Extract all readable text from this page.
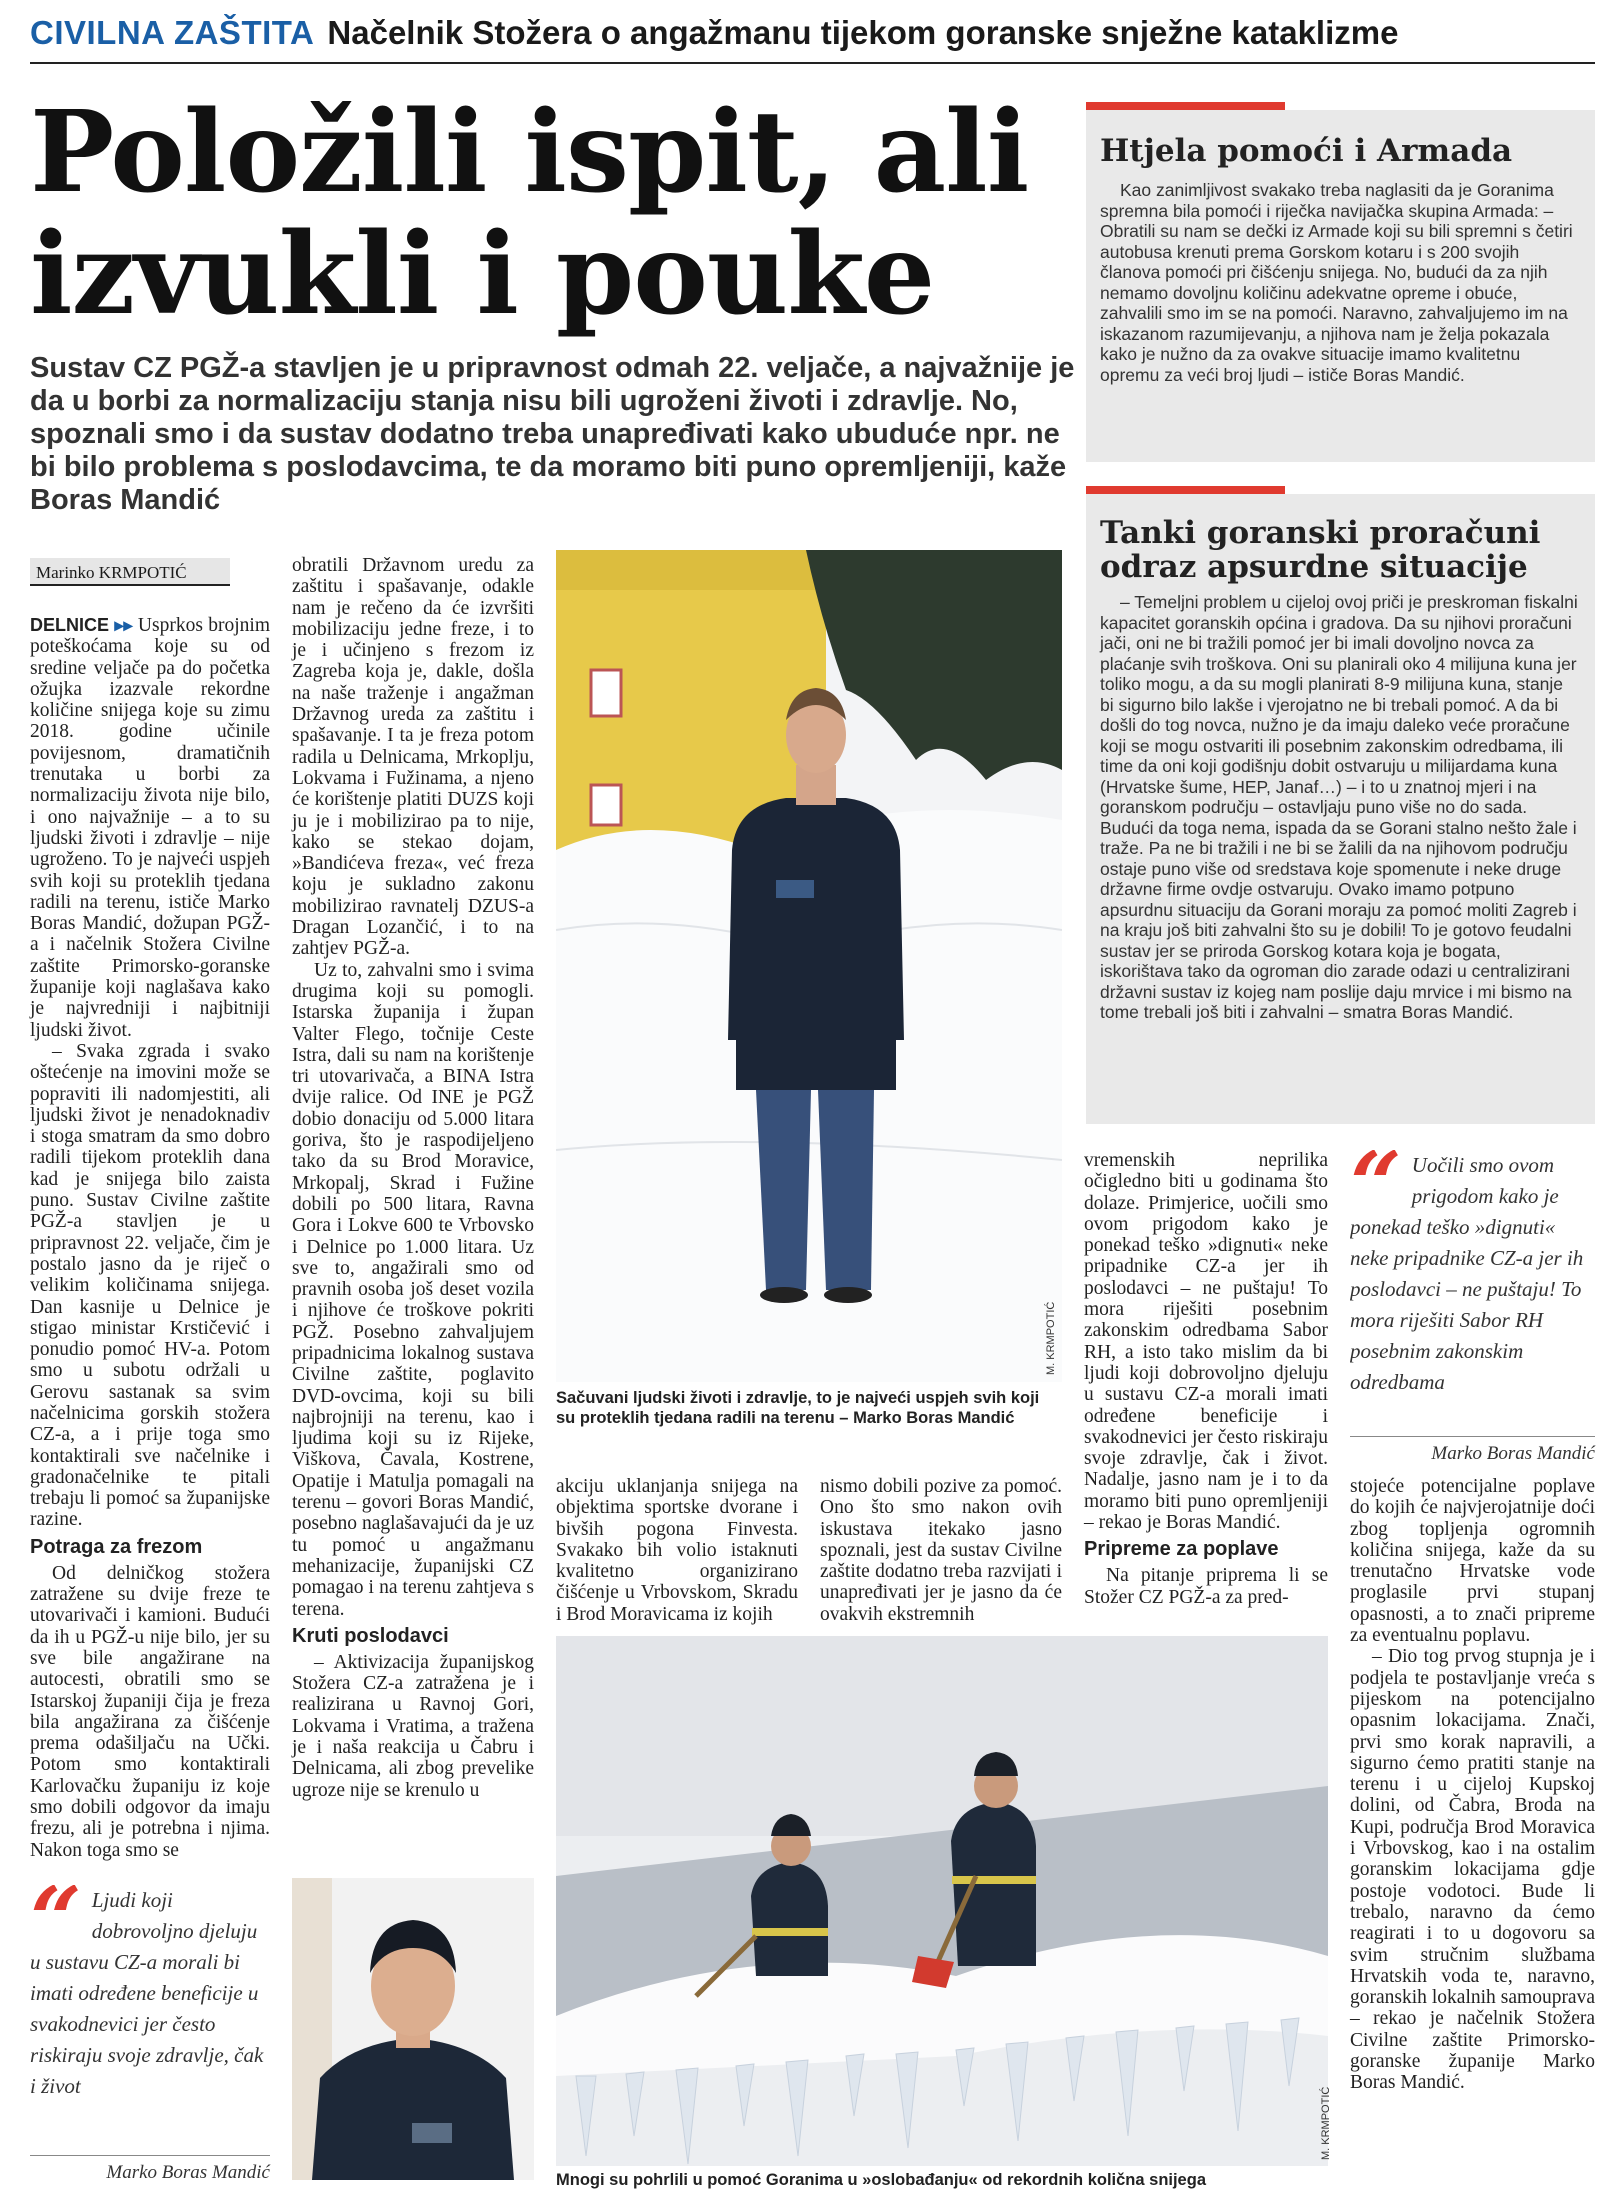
CIVILNA ZAŠTITA Načelnik Stožera o angažmanu tijekom goranske snježne kataklizme
Položili ispit, ali
izvukli i pouke
Sustav CZ PGŽ-a stavljen je u pripravnost odmah 22. veljače, a najvažnije je da u borbi za normalizaciju stanja nisu bili ugroženi životi i zdravlje. No, spoznali smo i da sustav dodatno treba unapređivati kako ubuduće npr. ne bi bilo problema s poslodavcima, te da moramo biti puno opremljeniji, kaže Boras Mandić
Marinko KRMPOTIĆ

DELNICE ▸▸ Usprkos brojnim poteškoćama koje su od sredine veljače pa do početka ožujka izazvale rekordne količine snijega koje su zimu 2018. godine učinile povijesnom, dramatičnih trenutaka u borbi za normalizaciju života nije bilo, i ono najvažnije – a to su ljudski životi i zdravlje – nije ugroženo. To je najveći uspjeh svih koji su proteklih tjedana radili na terenu, ističe Marko Boras Mandić, dožupan PGŽ-a i načelnik Stožera Civilne zaštite Primorsko-goranske županije koji naglašava kako je najvredniji i najbitniji ljudski život.

– Svaka zgrada i svako oštećenje na imovini može se popraviti ili nadomjestiti, ali ljudski život je nenadoknadiv i stoga smatram da smo dobro radili tijekom proteklih dana kad je snijega bilo zaista puno. Sustav Civilne zaštite PGŽ-a stavljen je u pripravnost 22. veljače, čim je postalo jasno da je riječ o velikim količinama snijega. Dan kasnije u Delnice je stigao ministar Krstičević i ponudio pomoć HV-a. Potom smo u subotu održali u Gerovu sastanak sa svim načelnicima gorskih stožera CZ-a, a i prije toga smo kontaktirali sve načelnike i gradonačelnike te pitali trebaju li pomoć sa županijske razine.

Potraga za frezom

Od delničkog stožera zatražene su dvije freze te utovarivači i kamioni. Budući da ih u PGŽ-u nije bilo, jer su sve bile angažirane na autocesti, obratili smo se Istarskoj županiji čija je freza bila angažirana za čišćenje prema odašiljaču na Učki. Potom smo kontaktirali Karlovačku županiju iz koje smo dobili odgovor da imaju frezu, ali je potrebna i njima. Nakon toga smo se

“ Ljudi koji dobrovoljno djeluju u sustavu CZ-a morali bi imati određene beneficije u svakodnevici jer često riskiraju svoje zdravlje, čak i život
Marko Boras Mandić

obratili Državnom uredu za zaštitu i spašavanje, odakle nam je rečeno da će izvršiti mobilizaciju jedne freze, i to je i učinjeno s frezom iz Zagreba koja je, dakle, došla na naše traženje i angažman Državnog ureda za zaštitu i spašavanje. I ta je freza potom radila u Delnicama, Mrkoplju, Lokvama i Fužinama, a njeno će korištenje platiti DUZS koji ju je i mobilizirao pa to nije, kako se stekao dojam, »Bandićeva freza«, već freza koju je sukladno zakonu mobilizirao ravnatelj DZUS-a Dragan Lozančić, i to na zahtjev PGŽ-a.

Uz to, zahvalni smo i svima drugima koji su pomogli. Istarska županija i župan Valter Flego, točnije Ceste Istra, dali su nam na korištenje tri utovarivača, a BINA Istra dvije ralice. Od INE je PGŽ dobio donaciju od 5.000 litara goriva, što je raspodijeljeno tako da su Brod Moravice, Mrkopalj, Skrad i Fužine dobili po 500 litara, Ravna Gora i Lokve 600 te Vrbovsko i Delnice po 1.000 litara. Uz sve to, angažirali smo od pravnih osoba još deset vozila i njihove će troškove pokriti PGŽ. Posebno zahvaljujem pripadnicima lokalnog sustava Civilne zaštite, poglavito DVD-ovcima, koji su bili najbrojniji na terenu, kao i ljudima koji su iz Rijeke, Viškova, Čavala, Kostrene, Opatije i Matulja pomagali na terenu – govori Boras Mandić, posebno naglašavajući da je uz tu pomoć u angažmanu mehanizacije, županijski CZ pomagao i na terenu zahtjeva s terena.

Kruti poslodavci

– Aktivizacija županijskog Stožera CZ-a zatražena je i realizirana u Ravnoj Gori, Lokvama i Vratima, a tražena je i naša reakcija u Čabru i Delnicama, ali zbog prevelike ugroze nije se krenulo u

M. KRMPOTIĆ
Sačuvani ljudski životi i zdravlje, to je najveći uspjeh svih koji su proteklih tjedana radili na terenu – Marko Boras Mandić

akciju uklanjanja snijega na objektima sportske dvorane i bivših pogona Finvesta. Svakako bih volio istaknuti kvalitetno organizirano čišćenje u Vrbovskom, Skradu i Brod Moravicama iz kojih

nismo dobili pozive za pomoć. Ono što smo nakon ovih iskustava itekako jasno spoznali, jest da sustav Civilne zaštite dodatno treba razvijati i unapređivati jer je jasno da će ovakvih ekstremnih

M. KRMPOTIĆ
Mnogi su pohrlili u pomoć Goranima u »oslobađanju« od rekordnih količna snijega

vremenskih neprilika očigledno biti u godinama što dolaze. Primjerice, uočili smo ovom prigodom kako je ponekad teško »dignuti« neke pripadnike CZ-a jer ih poslodavci – ne puštaju! To mora riješiti posebnim zakonskim odredbama Sabor RH, a isto tako mislim da bi ljudi koji dobrovoljno djeluju u sustavu CZ-a morali imati određene beneficije i svakodnevici jer često riskiraju svoje zdravlje, čak i život. Nadalje, jasno nam je i to da moramo biti puno opremljeniji – rekao je Boras Mandić.

Pripreme za poplave

Na pitanje priprema li se Stožer CZ PGŽ-a za pred-

stojeće potencijalne poplave do kojih će najvjerojatnije doći zbog topljenja ogromnih količina snijega, kaže da su trenutačno Hrvatske vode proglasile prvi stupanj opasnosti, a to znači pripreme za eventualnu poplavu.

– Dio tog prvog stupnja je i podjela te postavljanje vreća s pijeskom na potencijalno opasnim lokacijama. Znači, prvi smo korak napravili, a sigurno ćemo pratiti stanje na terenu i u cijeloj Kupskoj dolini, od Čabra, Broda na Kupi, područja Brod Moravica i Vrbovskog, kao i na ostalim goranskim lokacijama gdje postoje vodotoci. Bude li trebalo, naravno da ćemo reagirati i to u dogovoru sa svim stručnim službama Hrvatskih voda te, naravno, goranskih lokalnih samouprava – rekao je načelnik Stožera Civilne zaštite Primorsko-goranske županije Marko Boras Mandić.

Htjela pomoći i Armada

Kao zanimljivost svakako treba naglasiti da je Goranima spremna bila pomoći i riječka navijačka skupina Armada: – Obratili su nam se dečki iz Armade koji su bili spremni s četiri autobusa krenuti prema Gorskom kotaru i s 200 svojih članova pomoći pri čišćenju snijega. No, budući da za njih nemamo dovoljnu količinu adekvatne opreme i obuće, zahvalili smo im se na pomoći. Naravno, zahvaljujemo im na iskazanom razumijevanju, a njihova nam je želja pokazala kako je nužno da za ovakve situacije imamo kvalitetnu opremu za veći broj ljudi – ističe Boras Mandić.

Tanki goranski proračuni
odraz apsurdne situacije

– Temeljni problem u cijeloj ovoj priči je preskroman fiskalni kapacitet goranskih općina i gradova. Da su njihovi proračuni jači, oni ne bi tražili pomoć jer bi imali dovoljno novca za plaćanje svih troškova. Oni su planirali oko 4 milijuna kuna jer toliko mogu, a da su mogli planirati 8-9 milijuna kuna, stanje bi sigurno bilo lakše i vjerojatno ne bi trebali pomoć. A da bi došli do tog novca, nužno je da imaju daleko veće proračune koji se mogu ostvariti ili posebnim zakonskim odredbama, ili time da oni koji godišnju dobit ostvaruju u milijardama kuna (Hrvatske šume, HEP, Janaf…) – i to u znatnoj mjeri i na goranskom području – ostavljaju puno više no do sada. Budući da toga nema, ispada da se Gorani stalno nešto žale i traže. Pa ne bi tražili i ne bi se žalili da na njihovom području ostaje puno više od sredstava koje spomenute i neke druge državne firme ovdje ostvaruju. Ovako imamo potpuno apsurdnu situaciju da Gorani moraju za pomoć moliti Zagreb i na kraju još biti zahvalni što su je dobili! To je gotovo feudalni sustav jer se priroda Gorskog kotara koja je bogata, iskorištava tako da ogroman dio zarade odazi u centralizirani državni sustav iz kojeg nam poslije daju mrvice i mi bismo na tome trebali još biti i zahvalni – smatra Boras Mandić.

“ Uočili smo ovom prigodom kako je ponekad teško »dignuti« neke pripadnike CZ-a jer ih poslodavci – ne puštaju! To mora riješiti Sabor RH posebnim zakonskim odredbama
Marko Boras Mandić
